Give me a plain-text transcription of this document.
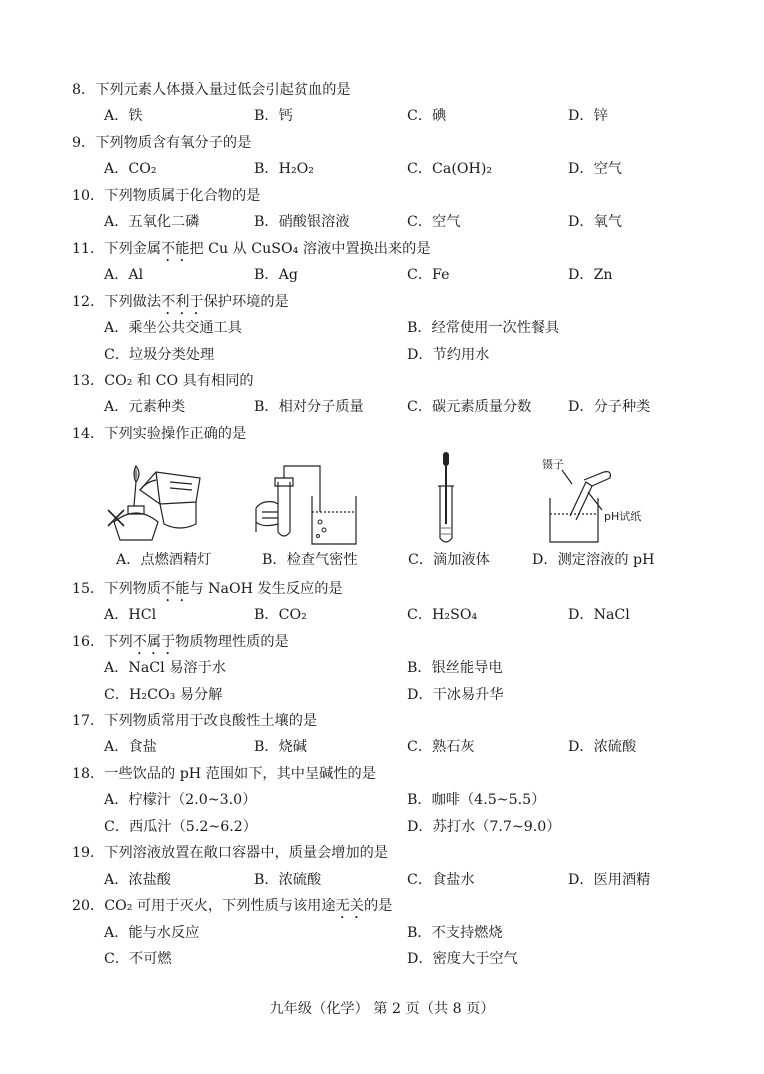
8．下列元素人体摄入量过低会引起贫血的是
A．铁	B．钙	C．碘	D．锌
9．下列物质含有氧分子的是
A．CO₂	B．H₂O₂	C．Ca(OH)₂	D．空气
10．下列物质属于化合物的是
A．五氧化二磷	B．硝酸银溶液	C．空气	D．氧气
11．下列金属不能把 Cu 从 CuSO₄ 溶液中置换出来的是
A．Al	B．Ag	C．Fe	D．Zn
12．下列做法不利于保护环境的是
A．乘坐公共交通工具	B．经常使用一次性餐具
C．垃圾分类处理	D．节约用水
13．CO₂ 和 CO 具有相同的
A．元素种类	B．相对分子质量	C．碳元素质量分数	D．分子种类
14．下列实验操作正确的是
镊子
pH试纸
A．点燃酒精灯	B．检查气密性	C．滴加液体	D．测定溶液的 pH
15．下列物质不能与 NaOH 发生反应的是
A．HCl	B．CO₂	C．H₂SO₄	D．NaCl
16．下列不属于物质物理性质的是
A．NaCl 易溶于水	B．银丝能导电
C．H₂CO₃ 易分解	D．干冰易升华
17．下列物质常用于改良酸性土壤的是
A．食盐	B．烧碱	C．熟石灰	D．浓硫酸
18．一些饮品的 pH 范围如下，其中呈碱性的是
A．柠檬汁（2.0~3.0）	B．咖啡（4.5~5.5）
C．西瓜汁（5.2~6.2）	D．苏打水（7.7~9.0）
19．下列溶液放置在敞口容器中，质量会增加的是
A．浓盐酸	B．浓硫酸	C．食盐水	D．医用酒精
20．CO₂ 可用于灭火，下列性质与该用途无关的是
A．能与水反应	B．不支持燃烧
C．不可燃	D．密度大于空气
九年级（化学） 第 2 页（共 8 页）
